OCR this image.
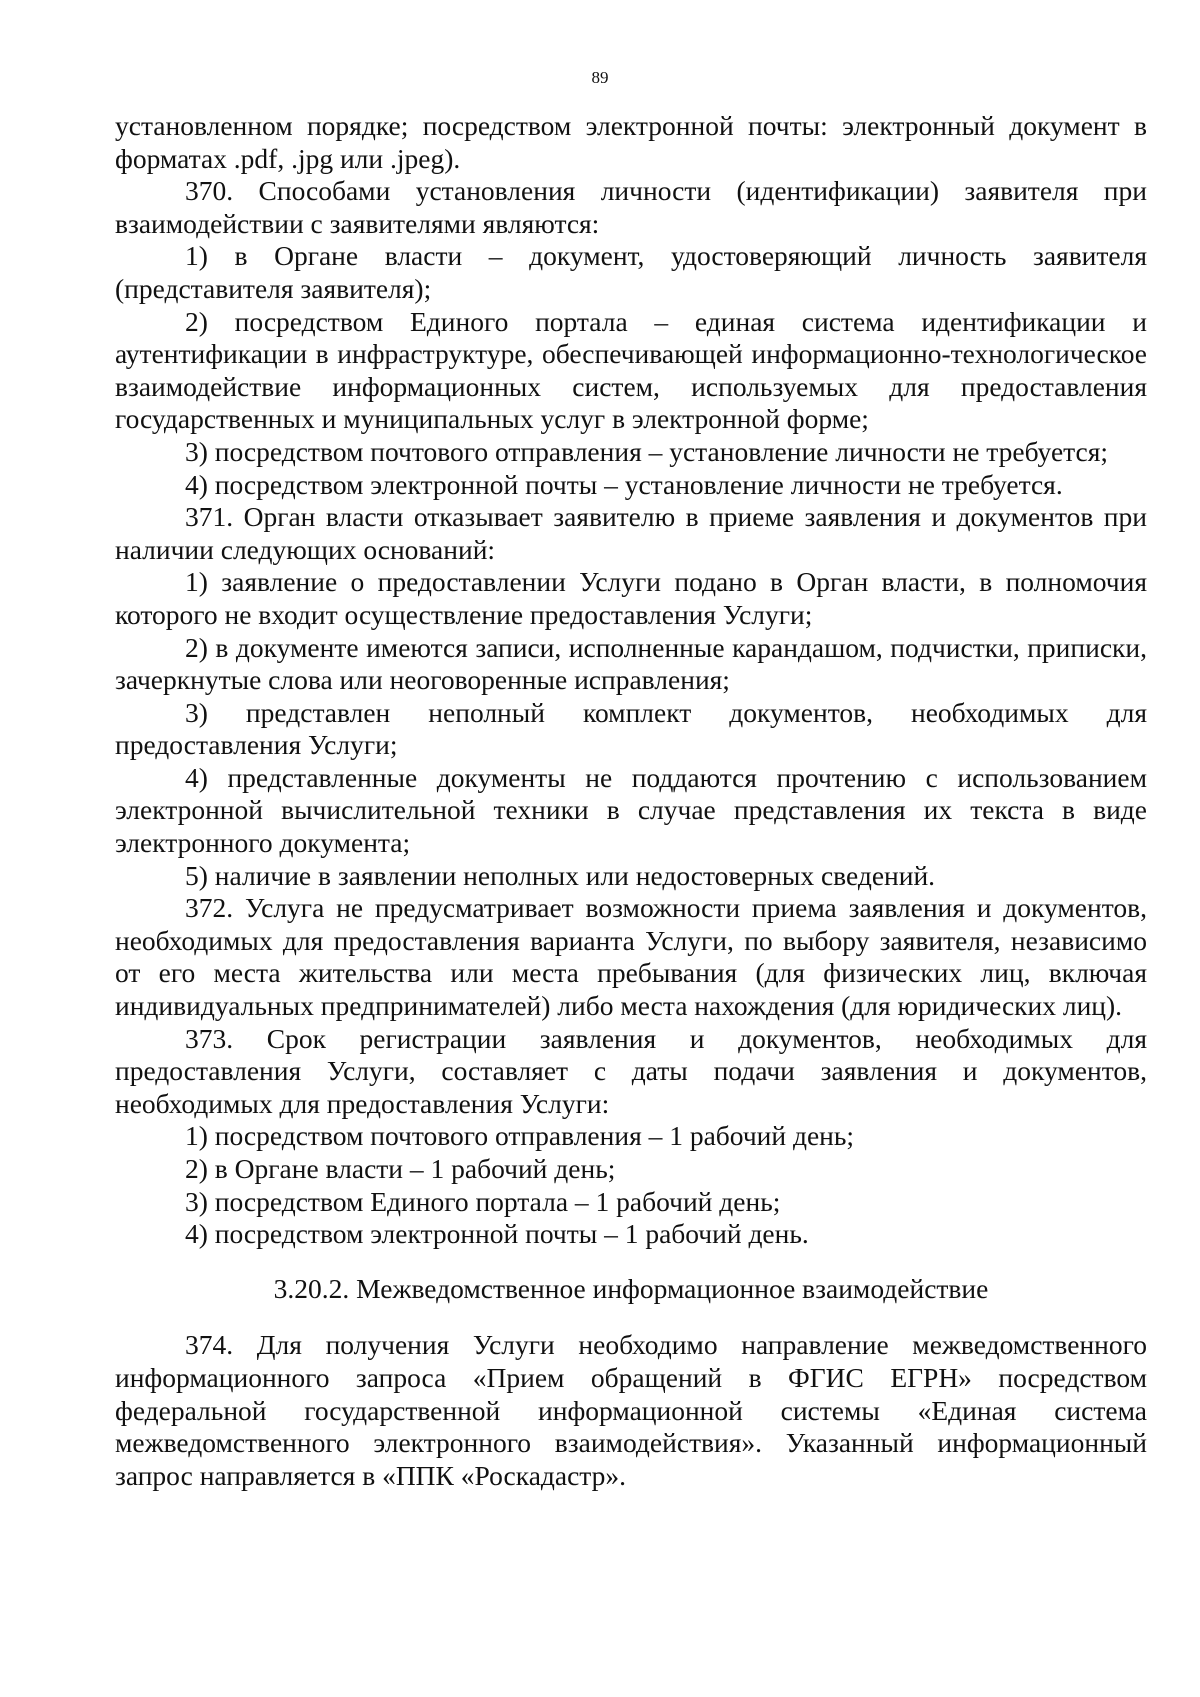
89

установленном порядке; посредством электронной почты: электронный документ в форматах .pdf, .jpg или .jpeg).

370. Способами установления личности (идентификации) заявителя при взаимодействии с заявителями являются:

1) в Органе власти – документ, удостоверяющий личность заявителя (представителя заявителя);

2) посредством Единого портала – единая система идентификации и аутентификации в инфраструктуре, обеспечивающей информационно-технологическое взаимодействие информационных систем, используемых для предоставления государственных и муниципальных услуг в электронной форме;

3) посредством почтового отправления – установление личности не требуется;

4) посредством электронной почты – установление личности не требуется.

371. Орган власти отказывает заявителю в приеме заявления и документов при наличии следующих оснований:

1) заявление о предоставлении Услуги подано в Орган власти, в полномочия которого не входит осуществление предоставления Услуги;

2) в документе имеются записи, исполненные карандашом, подчистки, приписки, зачеркнутые слова или неоговоренные исправления;

3) представлен неполный комплект документов, необходимых для предоставления Услуги;

4) представленные документы не поддаются прочтению с использованием электронной вычислительной техники в случае представления их текста в виде электронного документа;

5) наличие в заявлении неполных или недостоверных сведений.

372. Услуга не предусматривает возможности приема заявления и документов, необходимых для предоставления варианта Услуги, по выбору заявителя, независимо от его места жительства или места пребывания (для физических лиц, включая индивидуальных предпринимателей) либо места нахождения (для юридических лиц).

373. Срок регистрации заявления и документов, необходимых для предоставления Услуги, составляет с даты подачи заявления и документов, необходимых для предоставления Услуги:

1) посредством почтового отправления – 1 рабочий день;

2) в Органе власти – 1 рабочий день;

3) посредством Единого портала – 1 рабочий день;

4) посредством электронной почты – 1 рабочий день.

3.20.2. Межведомственное информационное взаимодействие

374. Для получения Услуги необходимо направление межведомственного информационного запроса «Прием обращений в ФГИС ЕГРН» посредством федеральной государственной информационной системы «Единая система межведомственного электронного взаимодействия». Указанный информационный запрос направляется в «ППК «Роскадастр».
